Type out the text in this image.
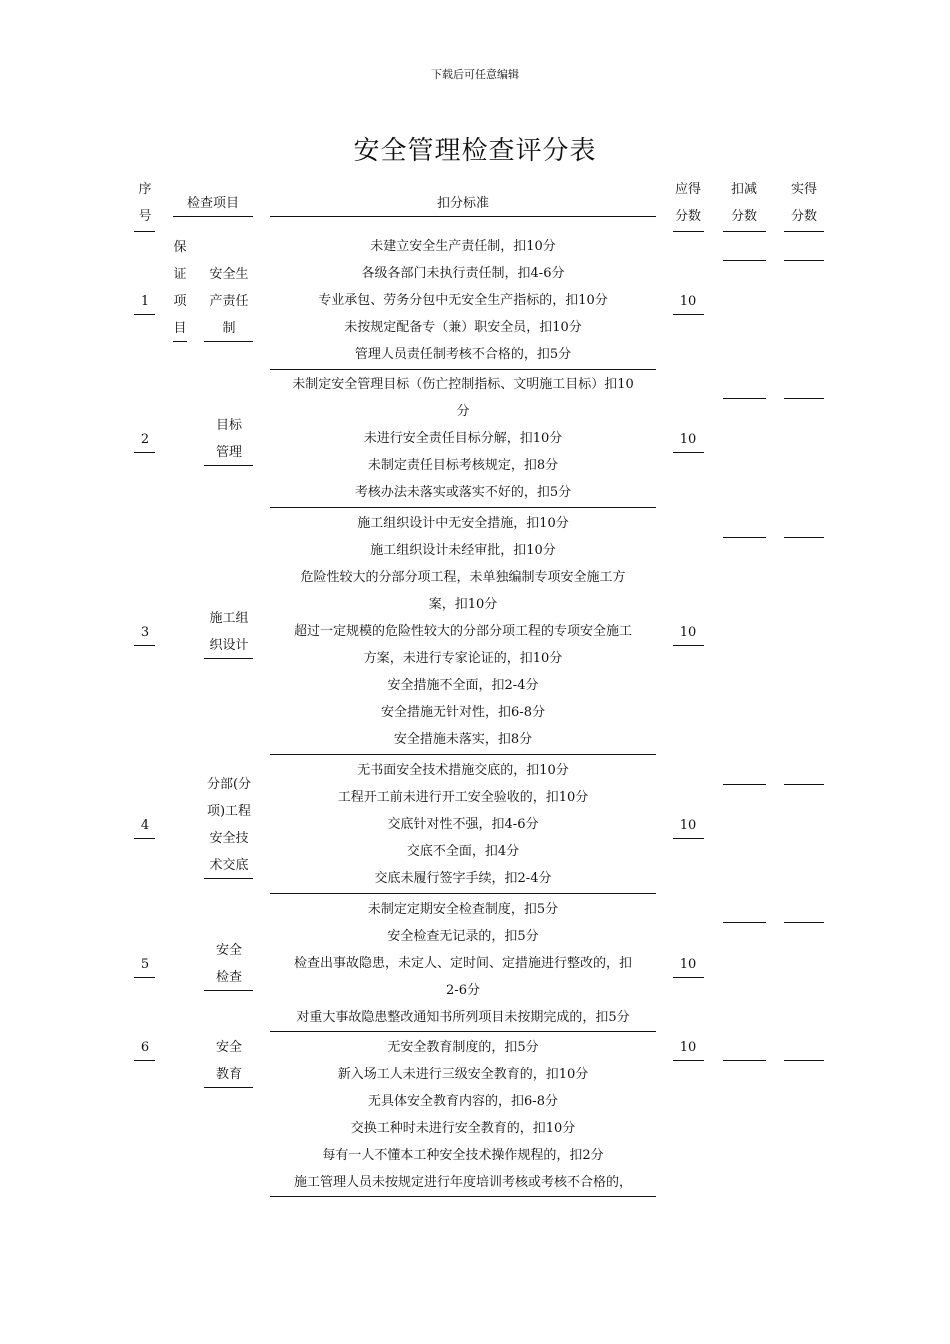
下载后可任意编辑
安全管理检查评分表
序
号
检查项目	扣分标准
应得
分数
扣减
分数
实得
分数
保
证
项
目
1
安全生
产责任
制
未建立安全生产责任制，扣10分
各级各部门未执行责任制，扣4-6分
专业承包、劳务分包中无安全生产指标的，扣10分
未按规定配备专（兼）职安全员，扣10分
管理人员责任制考核不合格的，扣5分
10
2
目标
管理
未制定安全管理目标（伤亡控制指标、文明施工目标）扣10
分
未进行安全责任目标分解，扣10分
未制定责任目标考核规定，扣8分
考核办法未落实或落实不好的，扣5分
10
3
施工组
织设计
施工组织设计中无安全措施，扣10分
施工组织设计未经审批，扣10分
危险性较大的分部分项工程，未单独编制专项安全施工方
案，扣10分
超过一定规模的危险性较大的分部分项工程的专项安全施工
方案，未进行专家论证的，扣10分
安全措施不全面，扣2-4分
安全措施无针对性，扣6-8分
安全措施未落实，扣8分
10
4
分部(分
项)工程
安全技
术交底
无书面安全技术措施交底的，扣10分
工程开工前未进行开工安全验收的，扣10分
交底针对性不强，扣4-6分
交底不全面，扣4分
交底未履行签字手续，扣2-4分
10
5
安全
检查
未制定定期安全检查制度，扣5分
安全检查无记录的，扣5分
检查出事故隐患，未定人、定时间、定措施进行整改的，扣
2-6分
对重大事故隐患整改通知书所列项目未按期完成的，扣5分
10
6	安全
教育
无安全教育制度的，扣5分
新入场工人未进行三级安全教育的，扣10分
无具体安全教育内容的，扣6-8分
交换工种时未进行安全教育的，扣10分
每有一人不懂本工种安全技术操作规程的，扣2分
施工管理人员未按规定进行年度培训考核或考核不合格的，
10
